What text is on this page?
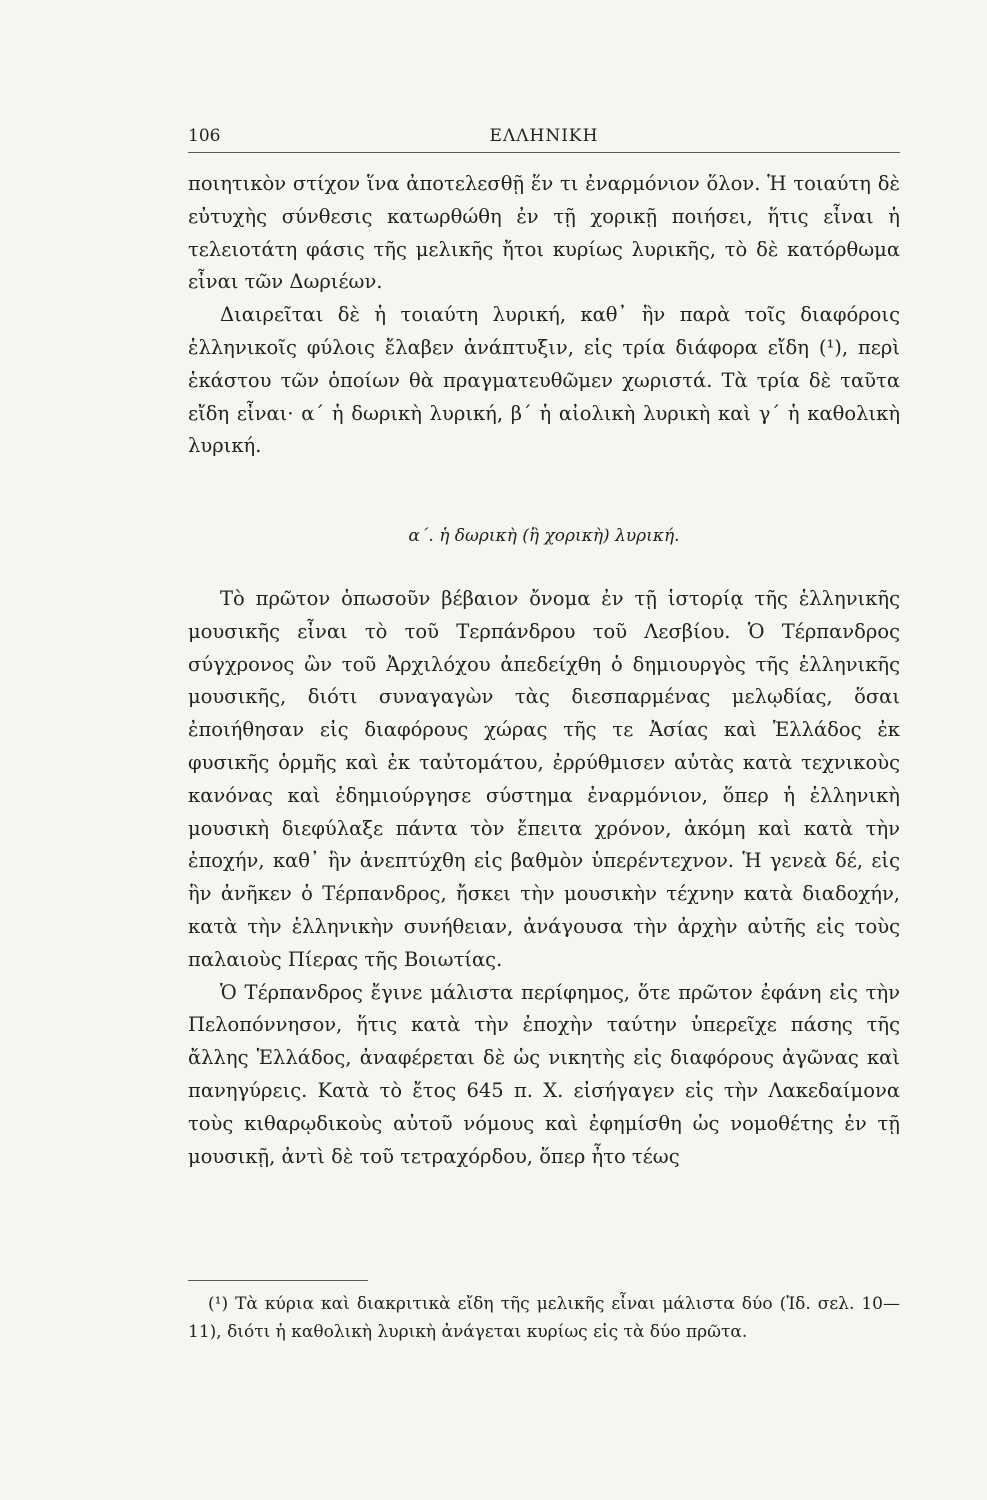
106	ΕΛΛΗΝΙΚΗ

ποιητικὸν στίχον ἵνα ἀποτελεσθῇ ἕν τι ἐναρμόνιον ὅλον. Ἡ τοιαύτη δὲ εὐτυχὴς σύνθεσις κατωρθώθη ἐν τῇ χορικῇ ποιήσει, ἥτις εἶναι ἡ τελειοτάτη φάσις τῆς μελικῆς ἤτοι κυρίως λυρικῆς, τὸ δὲ κατόρθωμα εἶναι τῶν Δωριέων.

Διαιρεῖται δὲ ἡ τοιαύτη λυρική, καθ᾽ ἣν παρὰ τοῖς διαφόροις ἑλληνικοῖς φύλοις ἔλαβεν ἀνάπτυξιν, εἰς τρία διάφορα εἴδη (¹), περὶ ἑκάστου τῶν ὁποίων θὰ πραγματευθῶμεν χωριστά. Τὰ τρία δὲ ταῦτα εἴδη εἶναι· α΄ ἡ δωρικὴ λυρική, β΄ ἡ αἰολικὴ λυρικὴ καὶ γ΄ ἡ καθολικὴ λυρική.

α΄. ἡ δωρικὴ (ἢ χορικὴ) λυρική.

Τὸ πρῶτον ὁπωσοῦν βέβαιον ὄνομα ἐν τῇ ἱστορίᾳ τῆς ἑλληνικῆς μουσικῆς εἶναι τὸ τοῦ Τερπάνδρου τοῦ Λεσβίου. Ὁ Τέρπανδρος σύγχρονος ὢν τοῦ Ἀρχιλόχου ἀπεδείχθη ὁ δημιουργὸς τῆς ἑλληνικῆς μουσικῆς, διότι συναγαγὼν τὰς διεσπαρμένας μελῳδίας, ὅσαι ἐποιήθησαν εἰς διαφόρους χώρας τῆς τε Ἀσίας καὶ Ἑλλάδος ἐκ φυσικῆς ὁρμῆς καὶ ἐκ ταὐτομάτου, ἐρρύθμισεν αὐτὰς κατὰ τεχνικοὺς κανόνας καὶ ἐδημιούργησε σύστημα ἐναρμόνιον, ὅπερ ἡ ἑλληνικὴ μουσικὴ διεφύλαξε πάντα τὸν ἔπειτα χρόνον, ἀκόμη καὶ κατὰ τὴν ἐποχήν, καθ᾽ ἣν ἀνεπτύχθη εἰς βαθμὸν ὑπερέντεχνον. Ἡ γενεὰ δέ, εἰς ἣν ἀνῆκεν ὁ Τέρπανδρος, ἤσκει τὴν μουσικὴν τέχνην κατὰ διαδοχήν, κατὰ τὴν ἑλληνικὴν συνήθειαν, ἀνάγουσα τὴν ἀρχὴν αὐτῆς εἰς τοὺς παλαιοὺς Πίερας τῆς Βοιωτίας.

Ὁ Τέρπανδρος ἔγινε μάλιστα περίφημος, ὅτε πρῶτον ἐφάνη εἰς τὴν Πελοπόννησον, ἥτις κατὰ τὴν ἐποχὴν ταύτην ὑπερεῖχε πάσης τῆς ἄλλης Ἑλλάδος, ἀναφέρεται δὲ ὡς νικητὴς εἰς διαφόρους ἀγῶνας καὶ πανηγύρεις. Κατὰ τὸ ἔτος 645 π. Χ. εἰσήγαγεν εἰς τὴν Λακεδαίμονα τοὺς κιθαρῳδικοὺς αὐτοῦ νόμους καὶ ἐφημίσθη ὡς νομοθέτης ἐν τῇ μουσικῇ, ἀντὶ δὲ τοῦ τετραχόρδου, ὅπερ ἦτο τέως

(¹) Τὰ κύρια καὶ διακριτικὰ εἴδη τῆς μελικῆς εἶναι μάλιστα δύο (Ἰδ. σελ. 10—11), διότι ἡ καθολικὴ λυρικὴ ἀνάγεται κυρίως εἰς τὰ δύο πρῶτα.
